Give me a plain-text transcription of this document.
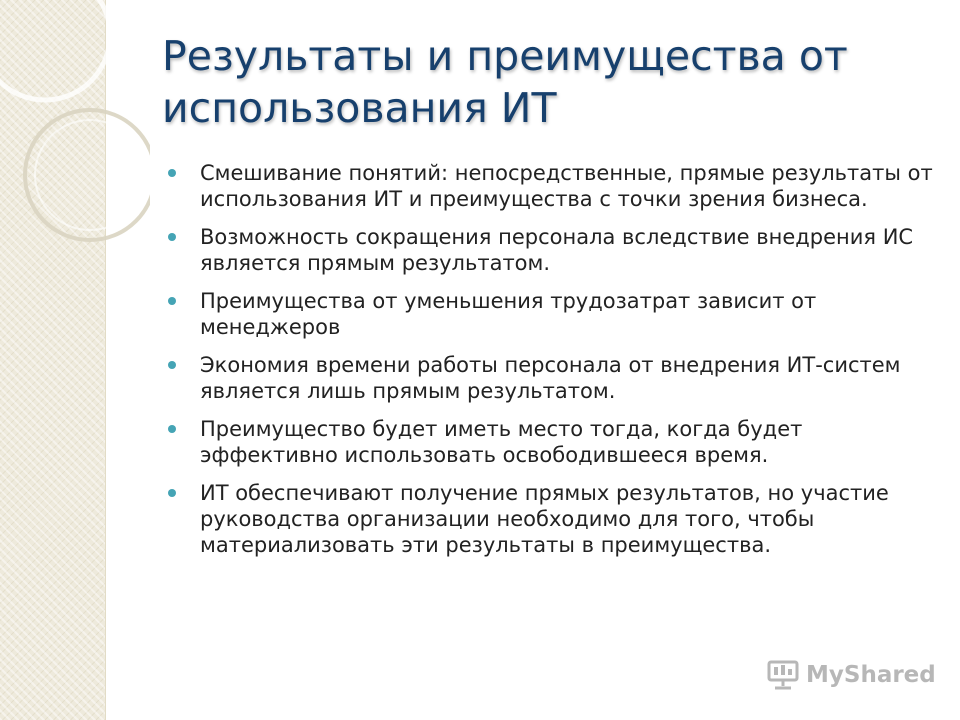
Результаты и преимущества от использования ИТ
Смешивание понятий: непосредственные, прямые результаты от использования ИТ и преимущества с точки зрения бизнеса.
Возможность сокращения персонала вследствие внедрения ИС является прямым результатом.
Преимущества от уменьшения трудозатрат зависит от менеджеров
Экономия времени работы персонала от внедрения ИТ-систем является лишь прямым результатом.
Преимущество будет иметь место тогда, когда будет эффективно использовать освободившееся время.
ИТ обеспечивают получение прямых результатов, но участие руководства организации необходимо для того, чтобы материализовать эти результаты в преимущества.
MyShared
